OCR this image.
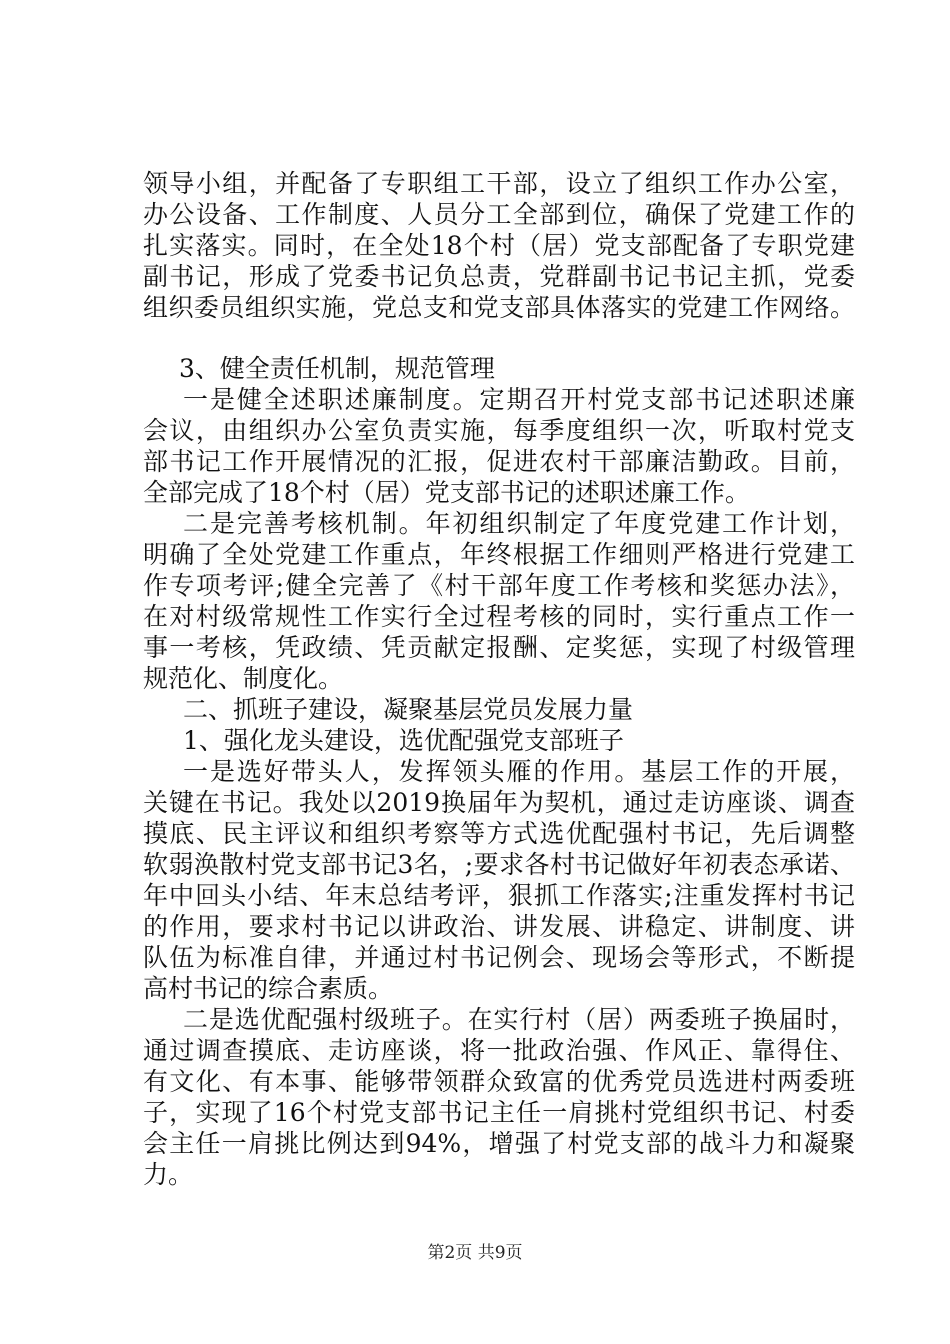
领导小组，并配备了专职组工干部，设立了组织工作办公室，
办公设备、工作制度、人员分工全部到位，确保了党建工作的
扎实落实。同时，在全处18个村（居）党支部配备了专职党建
副书记，形成了党委书记负总责，党群副书记书记主抓，党委
组织委员组织实施，党总支和党支部具体落实的党建工作网络。
3、健全责任机制，规范管理
一是健全述职述廉制度。定期召开村党支部书记述职述廉
会议，由组织办公室负责实施，每季度组织一次，听取村党支
部书记工作开展情况的汇报，促进农村干部廉洁勤政。目前，
全部完成了18个村（居）党支部书记的述职述廉工作。
二是完善考核机制。年初组织制定了年度党建工作计划，
明确了全处党建工作重点，年终根据工作细则严格进行党建工
作专项考评;健全完善了《村干部年度工作考核和奖惩办法》，
在对村级常规性工作实行全过程考核的同时，实行重点工作一
事一考核，凭政绩、凭贡献定报酬、定奖惩，实现了村级管理
规范化、制度化。
二、抓班子建设，凝聚基层党员发展力量
1、强化龙头建设，选优配强党支部班子
一是选好带头人，发挥领头雁的作用。基层工作的开展，
关键在书记。我处以2019换届年为契机，通过走访座谈、调查
摸底、民主评议和组织考察等方式选优配强村书记，先后调整
软弱涣散村党支部书记3名，;要求各村书记做好年初表态承诺、
年中回头小结、年末总结考评，狠抓工作落实;注重发挥村书记
的作用，要求村书记以讲政治、讲发展、讲稳定、讲制度、讲
队伍为标准自律，并通过村书记例会、现场会等形式，不断提
高村书记的综合素质。
二是选优配强村级班子。在实行村（居）两委班子换届时，
通过调查摸底、走访座谈，将一批政治强、作风正、靠得住、
有文化、有本事、能够带领群众致富的优秀党员选进村两委班
子，实现了16个村党支部书记主任一肩挑村党组织书记、村委
会主任一肩挑比例达到94%，增强了村党支部的战斗力和凝聚
力。
第2页 共9页
